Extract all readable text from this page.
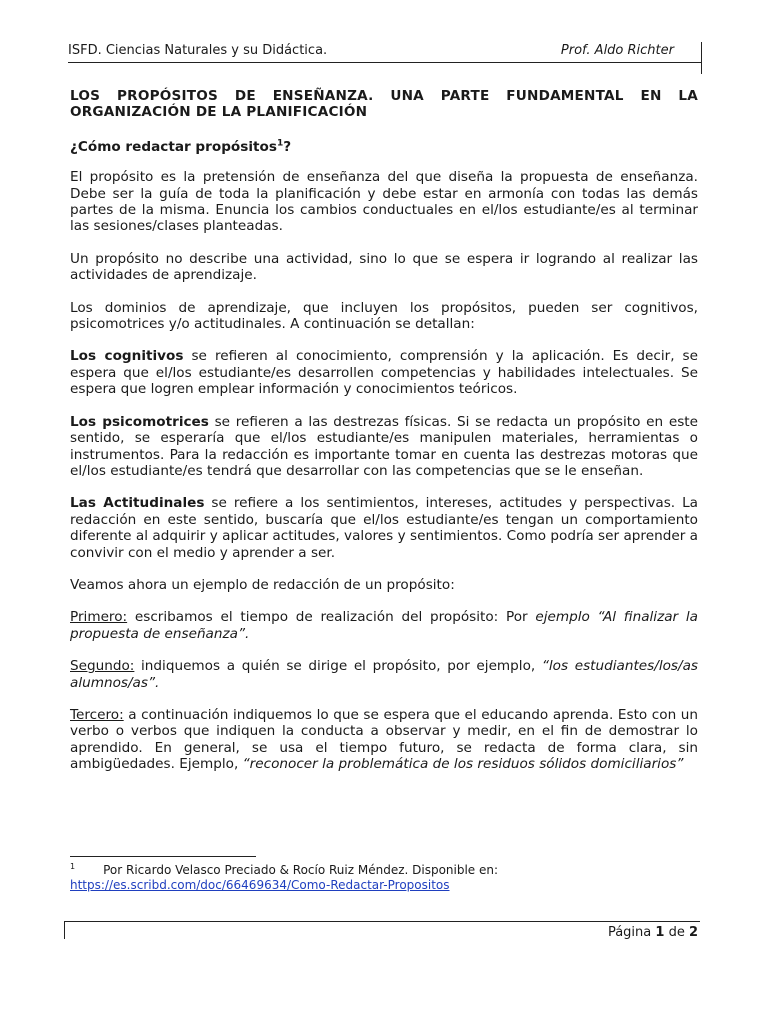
ISFD. Ciencias Naturales y su Didáctica.	Prof. Aldo Richter

LOS PROPÓSITOS DE ENSEÑANZA. UNA PARTE FUNDAMENTAL EN LA ORGANIZACIÓN DE LA PLANIFICACIÓN

¿Cómo redactar propósitos$^1$?

El propósito es la pretensión de enseñanza del que diseña la propuesta de enseñanza. Debe ser la guía de toda la planificación y debe estar en armonía con todas las demás partes de la misma. Enuncia los cambios conductuales en el/los estudiante/es al terminar las sesiones/clases planteadas.

Un propósito no describe una actividad, sino lo que se espera ir logrando al realizar las actividades de aprendizaje.

Los dominios de aprendizaje, que incluyen los propósitos, pueden ser cognitivos, psicomotrices y/o actitudinales. A continuación se detallan:

Los cognitivos se refieren al conocimiento, comprensión y la aplicación. Es decir, se espera que el/los estudiante/es desarrollen competencias y habilidades intelectuales. Se espera que logren emplear información y conocimientos teóricos.

Los psicomotrices se refieren a las destrezas físicas. Si se redacta un propósito en este sentido, se esperaría que el/los estudiante/es manipulen materiales, herramientas o instrumentos. Para la redacción es importante tomar en cuenta las destrezas motoras que el/los estudiante/es tendrá que desarrollar con las competencias que se le enseñan.

Las Actitudinales se refiere a los sentimientos, intereses, actitudes y perspectivas. La redacción en este sentido, buscaría que el/los estudiante/es tengan un comportamiento diferente al adquirir y aplicar actitudes, valores y sentimientos. Como podría ser aprender a convivir con el medio y aprender a ser.

Veamos ahora un ejemplo de redacción de un propósito:

Primero: escribamos el tiempo de realización del propósito: Por ejemplo “Al finalizar la propuesta de enseñanza”.

Segundo: indiquemos a quién se dirige el propósito, por ejemplo, “los estudiantes/los/as alumnos/as”.

Tercero: a continuación indiquemos lo que se espera que el educando aprenda. Esto con un verbo o verbos que indiquen la conducta a observar y medir, en el fin de demostrar lo aprendido. En general, se usa el tiempo futuro, se redacta de forma clara, sin ambigüedades. Ejemplo, “reconocer la problemática de los residuos sólidos domiciliarios”

$^1$ Por Ricardo Velasco Preciado & Rocío Ruiz Méndez. Disponible en:
https://es.scribd.com/doc/66469634/Como-Redactar-Propositos
Página 1 de 2
